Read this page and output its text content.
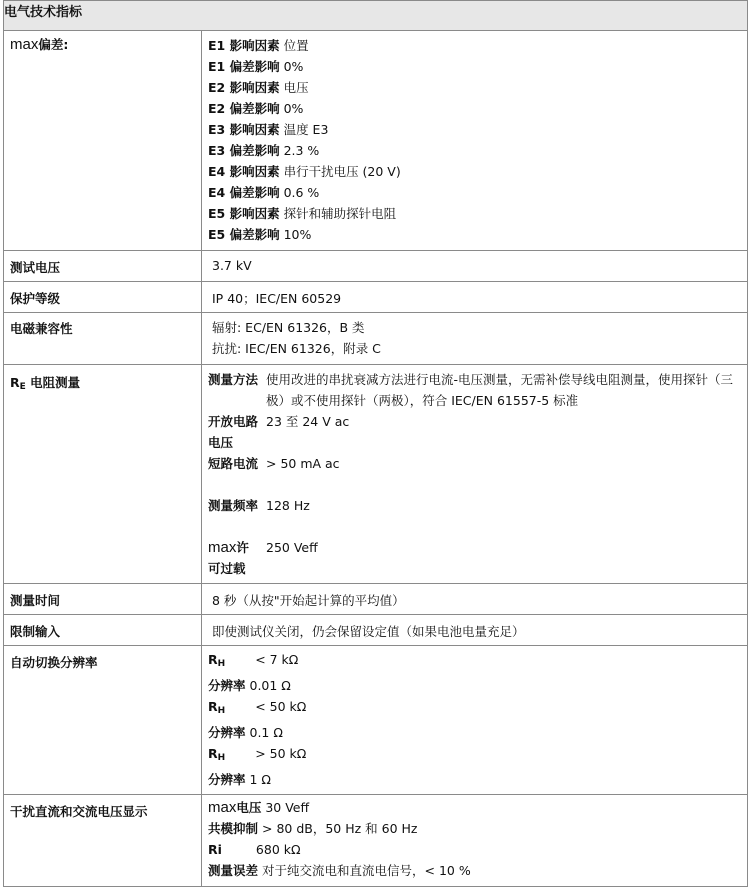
电气技术指标
max偏差:	E1 影响因素 位置
E1 偏差影响 0%
E2 影响因素 电压
E2 偏差影响 0%
E3 影响因素 温度 E3
E3 偏差影响 2.3 %
E4 影响因素 串行干扰电压 (20 V)
E4 偏差影响 0.6 %
E5 影响因素 探针和辅助探针电阻
E5 偏差影响 10%

测试电压	3.7 kV
保护等级	IP 40；IEC/EN 60529
电磁兼容性	辐射: EC/EN 61326，B 类
抗扰: IEC/EN 61326，附录 C

$R_E$ 电阻测量		测量方法	使用改进的串扰衰减方法进行电流-电压测量，无需补偿导线电阻测量，使用探针（三极）或不使用探针（两极），符合 IEC/EN 61557-5 标准
开放电路电压	23 至 24 V ac
短路电流	> 50 mA ac
测量频率	128 Hz
max许可过载	250 Veff

测量时间	8 秒（从按"开始起计算的平均值）
限制输入	即使测试仪关闭，仍会保留设定值（如果电池电量充足）
自动切换分辨率	$R_H < 7$ kΩ
分辨率 0.01 Ω
$R_H < 50$ kΩ
分辨率 0.1 Ω
$R_H > 50$ kΩ
分辨率 1 Ω

干扰直流和交流电压显示	max电压 30 Veff
共模抑制 > 80 dB，50 Hz 和 60 Hz
Ri	680 kΩ
测量误差 对于纯交流电和直流电信号，< 10 %
